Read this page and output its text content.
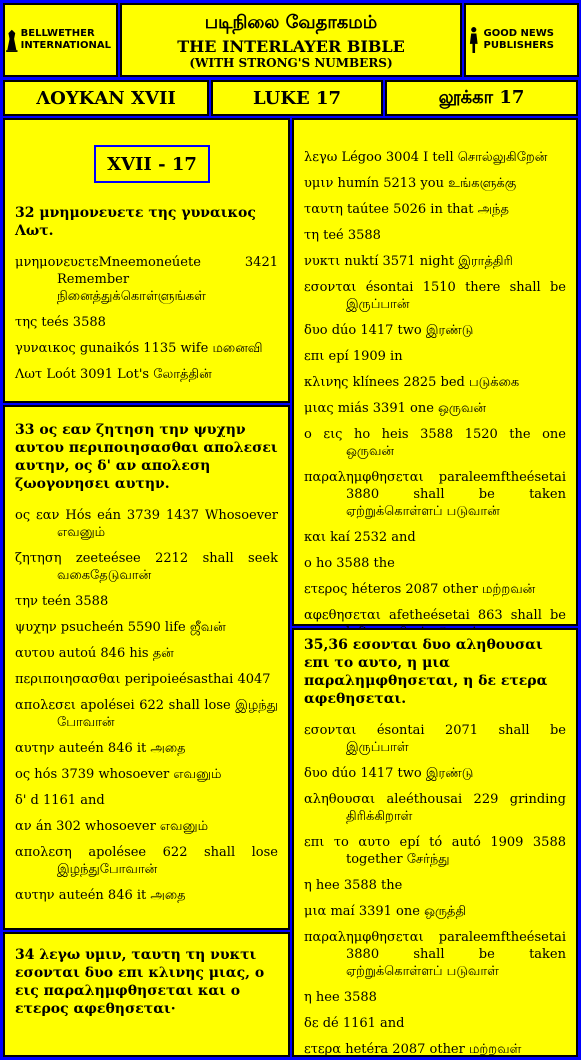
BELLWETHER INTERNATIONAL
படிநிலை வேதாகமம்
THE INTERLAYER BIBLE
(WITH STRONG'S NUMBERS)
GOOD NEWS PUBLISHERS
ΛΟΥΚΑΝ XVII	LUKE 17	லூக்கா 17
32 μνημονευετε της γυναικος Λωτ.
μνημονευετεMneemoneúete 3421 Remember நினைத்துக்கொள்ளுங்கள்
της teés 3588
γυναικος gunaikós 1135 wife மனைவி
Λωτ Loót 3091 Lot's லோத்தின்
XVII - 17
33 ος εαν ζητηση την ψυχην αυτου περιποιησασθαι απολεσει αυτην, ος δ' αν απολεση ζωογονησει αυτην.
ος εαν Hós eán 3739 1437 Whosoever எவனும்
ζητηση zeeteésee 2212 shall seek வகைதேடுவான்
την teén 3588
ψυχην psucheén 5590 life ஜீவன்
αυτου autoú 846 his தன்
περιποιησασθαι peripoieésasthai 4047
απολεσει apolései 622 shall lose இழந்து போவான்
αυτην auteén 846 it அதை
ος hós 3739 whosoever எவனும்
δ' d 1161 and
αν án 302 whosoever எவனும்
απολεση apolésee 622 shall lose இழந்துபோவான்
αυτην auteén 846 it அதை
34 λεγω υμιν, ταυτη τη νυκτι εσονται δυο επι κλινης μιας, ο εις παραλημφθησεται και ο ετερος αφεθησεται·
λεγω Légoo 3004 I tell சொல்லுகிறேன்
υμιν humín 5213 you உங்களுக்கு
ταυτη taútee 5026 in that அந்த
τη teé 3588
νυκτι nuktí 3571 night இராத்திரி
εσονται ésontai 1510 there shall be இருப்பான்
δυο dúo 1417 two இரண்டு
επι epí 1909 in
κλινης klínees 2825 bed படுக்கை
μιας miás 3391 one ஒருவன்
ο εις ho heis 3588 1520 the one ஒருவன்
παραλημφθησεται paraleemftheésetai 3880 shall be taken ஏற்றுக்கொள்ளப் படுவான்
και kaí 2532 and
ο ho 3588 the
ετερος héteros 2087 other மற்றவன்
αφεθησεται afetheésetai 863 shall be
35,36 εσονται δυο αληθουσαι επι το αυτο, η μια παραλημφθησεται, η δε ετερα αφεθησεται.
εσονται ésontai 2071 shall be இருப்பாள்
δυο dúo 1417 two இரண்டு
αληθουσαι aleéthousai 229 grinding திரிக்கிறாள்
επι το αυτο epí tó autó 1909 3588 together சேர்ந்து
η hee 3588 the
μια maí 3391 one ஒருத்தி
παραλημφθησεται paraleemftheésetai 3880 shall be taken ஏற்றுக்கொள்ளப் படுவாள்
η hee 3588
δε dé 1161 and
ετερα hetéra 2087 other மற்றவள்
